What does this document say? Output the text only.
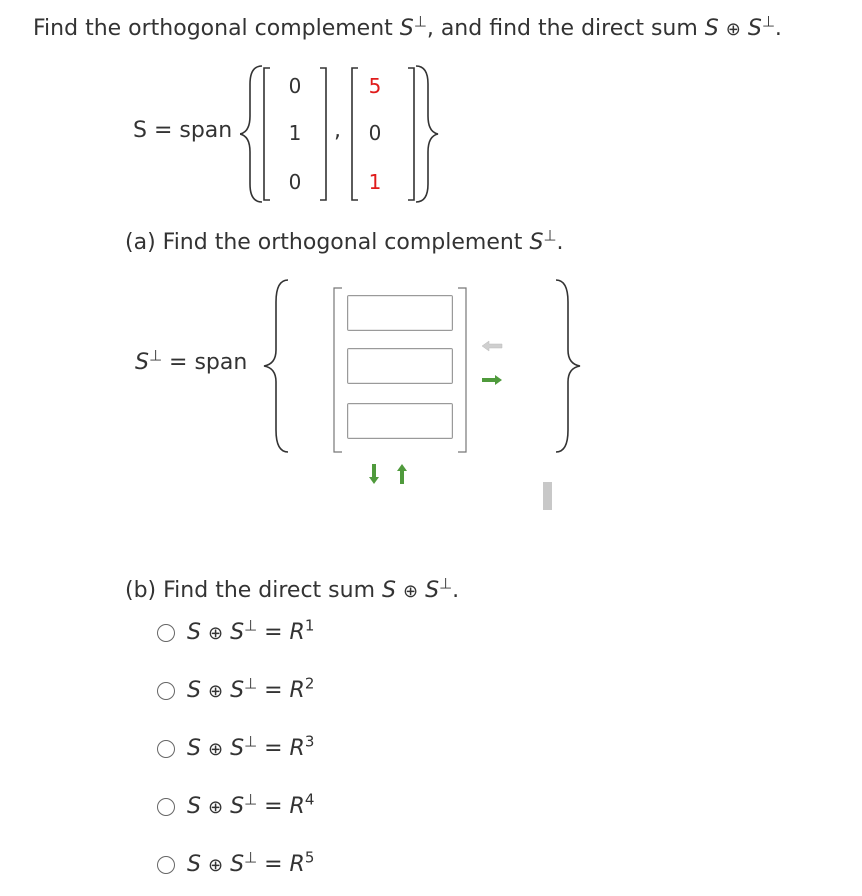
Find the orthogonal complement S⊥, and find the direct sum S ⊕ S⊥.
S = span
0
1
0
,
5
0
1
(a) Find the orthogonal complement S⊥.
S⊥ = span
(b) Find the direct sum S ⊕ S⊥.
S ⊕ $S^\perp = R^1$
S ⊕ $S^\perp = R^2$
S ⊕ $S^\perp = R^3$
S ⊕ $S^\perp = R^4$
S ⊕ $S^\perp = R^5$
